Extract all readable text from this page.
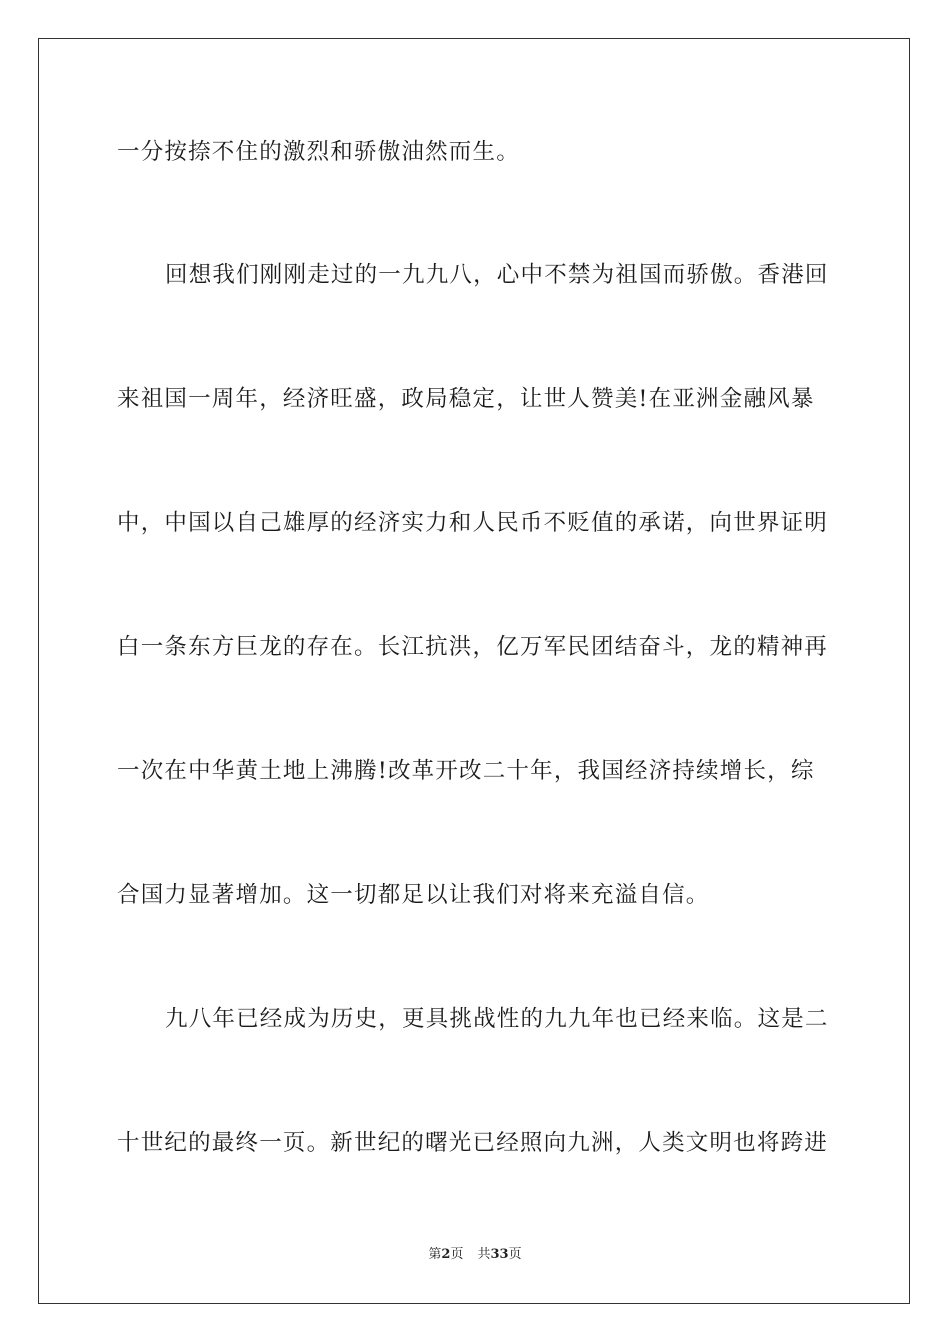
一分按捺不住的激烈和骄傲油然而生。
回想我们刚刚走过的一九九八，心中不禁为祖国而骄傲。香港回
来祖国一周年，经济旺盛，政局稳定，让世人赞美!在亚洲金融风暴
中，中国以自己雄厚的经济实力和人民币不贬值的承诺，向世界证明
白一条东方巨龙的存在。长江抗洪，亿万军民团结奋斗，龙的精神再
一次在中华黄土地上沸腾!改革开改二十年，我国经济持续增长，综
合国力显著增加。这一切都足以让我们对将来充溢自信。
九八年已经成为历史，更具挑战性的九九年也已经来临。这是二
十世纪的最终一页。新世纪的曙光已经照向九洲，人类文明也将跨进
第2页 共33页
